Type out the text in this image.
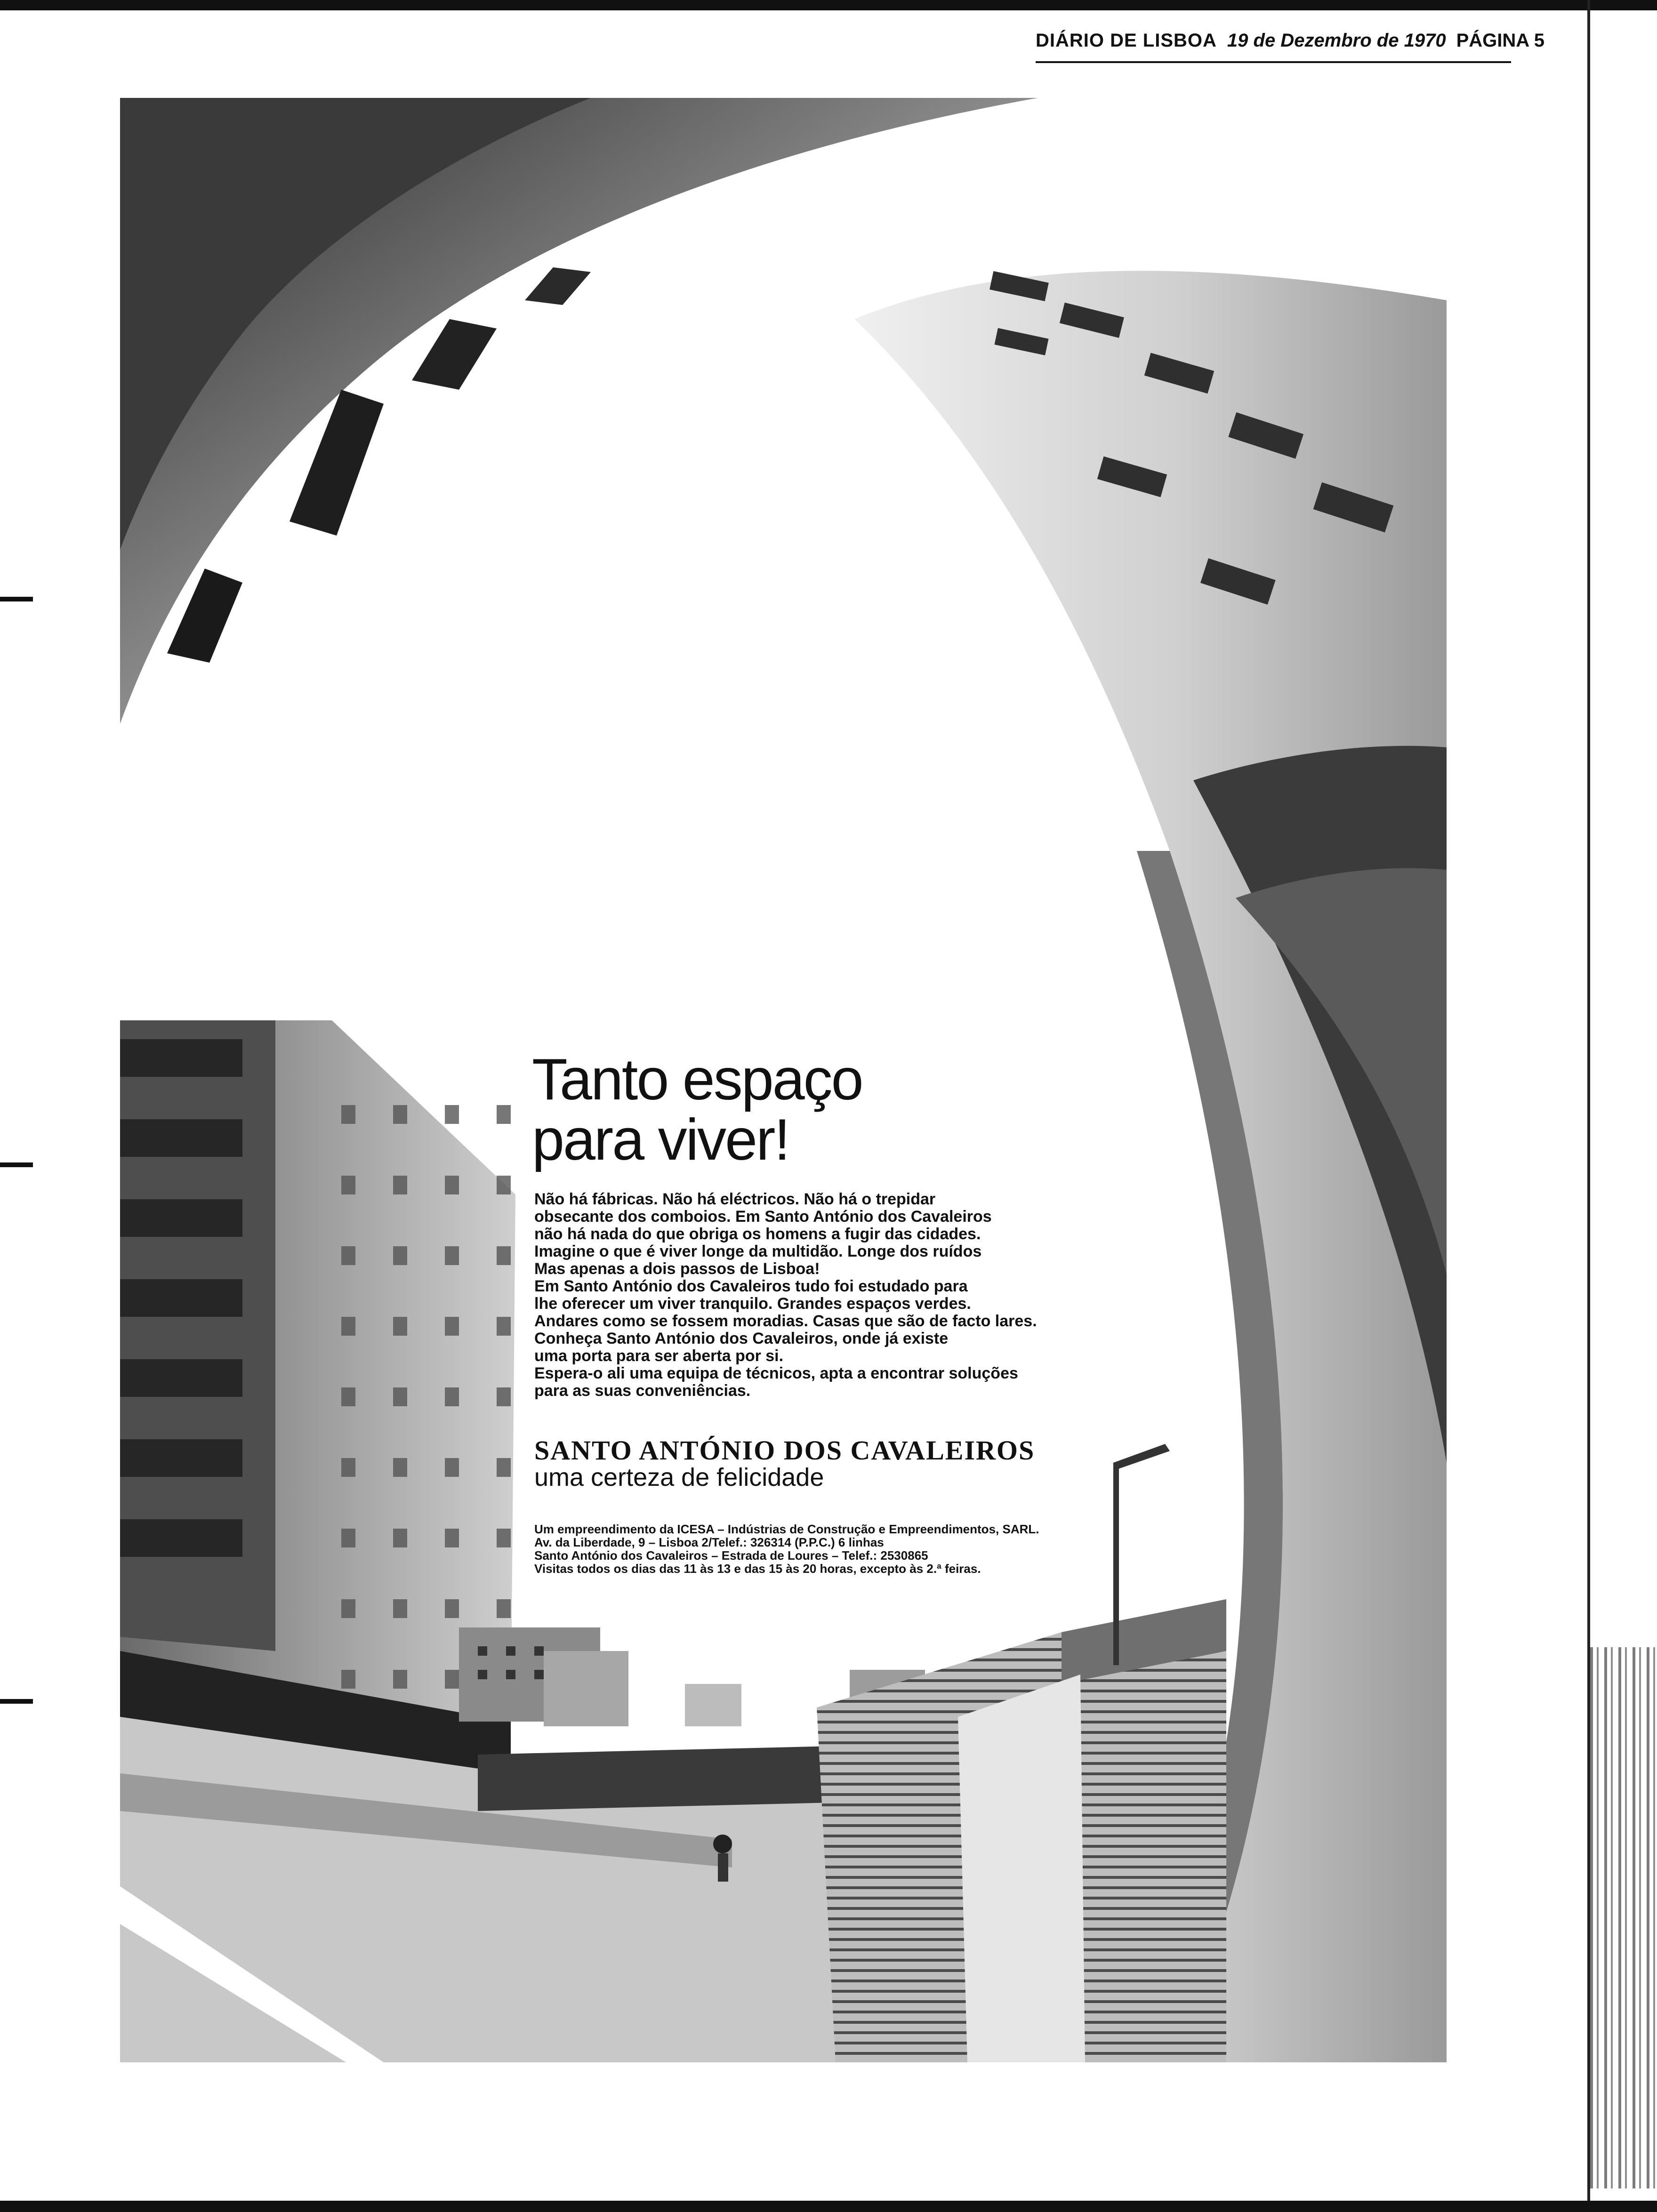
DIÁRIO DE LISBOA 19 de Dezembro de 1970 PÁGINA 5
Tanto espaço
para viver!

Não há fábricas. Não há eléctricos. Não há o trepidar

obsecante dos comboios. Em Santo António dos Cavaleiros

não há nada do que obriga os homens a fugir das cidades.

Imagine o que é viver longe da multidão. Longe dos ruídos

Mas apenas a dois passos de Lisboa!

Em Santo António dos Cavaleiros tudo foi estudado para

lhe oferecer um viver tranquilo. Grandes espaços verdes.

Andares como se fossem moradias. Casas que são de facto lares.

Conheça Santo António dos Cavaleiros, onde já existe

uma porta para ser aberta por si.

Espera-o ali uma equipa de técnicos, apta a encontrar soluções

para as suas conveniências.

SANTO ANTÓNIO DOS CAVALEIROS
uma certeza de felicidade

Um empreendimento da ICESA – Indústrias de Construção e Empreendimentos, SARL.

Av. da Liberdade, 9 – Lisboa 2/Telef.: 326314 (P.P.C.) 6 linhas

Santo António dos Cavaleiros – Estrada de Loures – Telef.: 2530865

Visitas todos os dias das 11 às 13 e das 15 às 20 horas, excepto às 2.ª feiras.
